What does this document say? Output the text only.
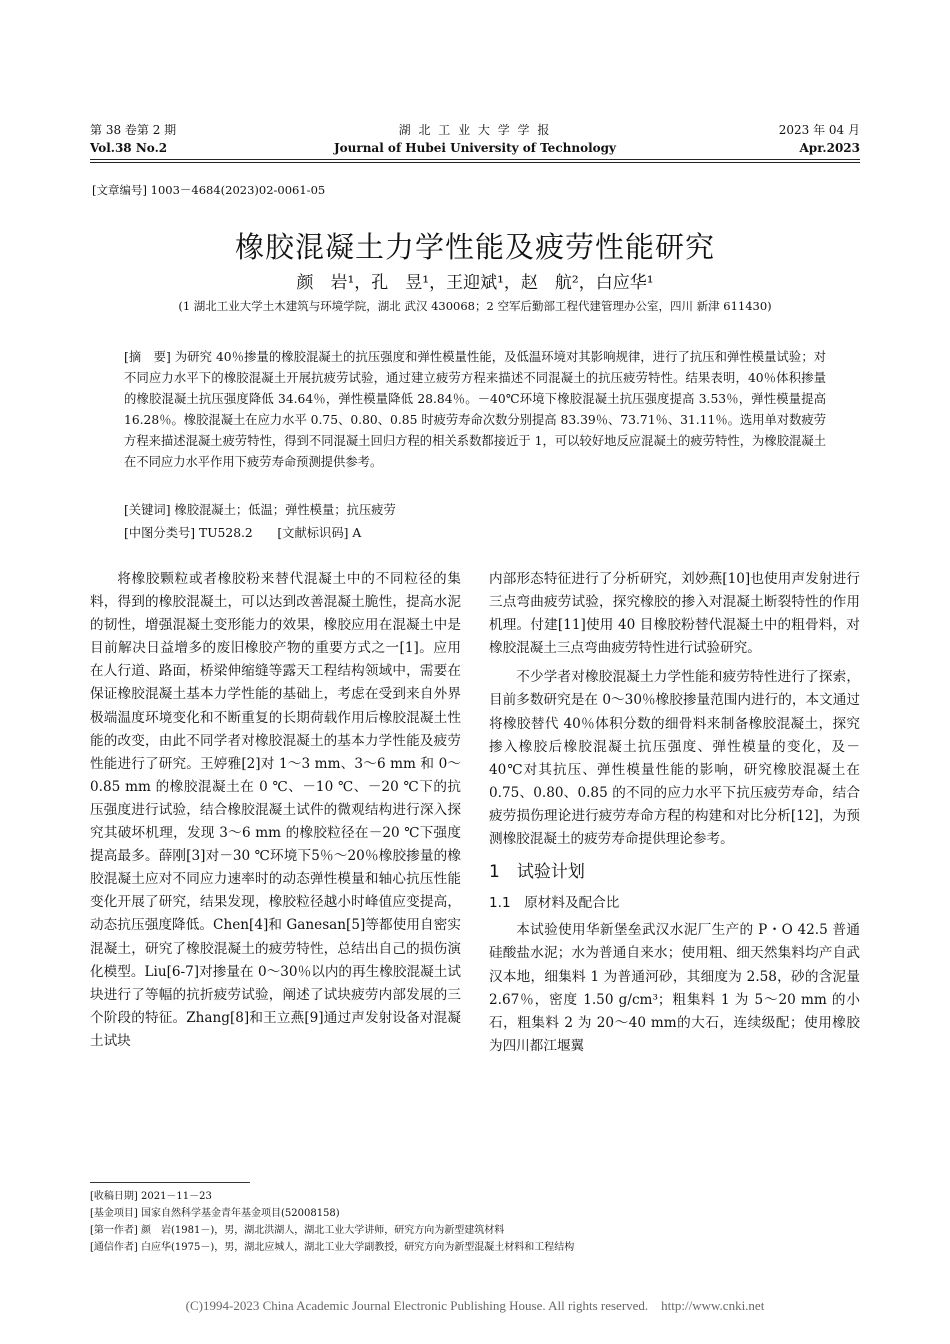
第 38 卷第 2 期
Vol.38 No.2
湖 北 工 业 大 学 学 报
Journal of Hubei University of Technology
2023 年 04 月
Apr.2023
[文章编号] 1003－4684(2023)02-0061-05
橡胶混凝土力学性能及疲劳性能研究
颜　岩¹，孔　昱¹，王迎斌¹，赵　航²，白应华¹
(1 湖北工业大学土木建筑与环境学院，湖北 武汉 430068；2 空军后勤部工程代建管理办公室，四川 新津 611430)
[摘　要] 为研究 40％掺量的橡胶混凝土的抗压强度和弹性模量性能，及低温环境对其影响规律，进行了抗压和弹性模量试验；对不同应力水平下的橡胶混凝土开展抗疲劳试验，通过建立疲劳方程来描述不同混凝土的抗压疲劳特性。结果表明，40％体积掺量的橡胶混凝土抗压强度降低 34.64％，弹性模量降低 28.84％。－40℃环境下橡胶混凝土抗压强度提高 3.53％，弹性模量提高 16.28％。橡胶混凝土在应力水平 0.75、0.80、0.85 时疲劳寿命次数分别提高 83.39％、73.71％、31.11％。选用单对数疲劳方程来描述混凝土疲劳特性，得到不同混凝土回归方程的相关系数都接近于 1，可以较好地反应混凝土的疲劳特性，为橡胶混凝土在不同应力水平作用下疲劳寿命预测提供参考。
[关键词] 橡胶混凝土；低温；弹性模量；抗压疲劳
[中图分类号] TU528.2　　[文献标识码] A

将橡胶颗粒或者橡胶粉来替代混凝土中的不同粒径的集料，得到的橡胶混凝土，可以达到改善混凝土脆性，提高水泥的韧性，增强混凝土变形能力的效果，橡胶应用在混凝土中是目前解决日益增多的废旧橡胶产物的重要方式之一[1]。应用在人行道、路面，桥梁伸缩缝等露天工程结构领域中，需要在保证橡胶混凝土基本力学性能的基础上，考虑在受到来自外界极端温度环境变化和不断重复的长期荷载作用后橡胶混凝土性能的改变，由此不同学者对橡胶混凝土的基本力学性能及疲劳性能进行了研究。王婷雅[2]对 1～3 mm、3～6 mm 和 0～0.85 mm 的橡胶混凝土在 0 ℃、－10 ℃、－20 ℃下的抗压强度进行试验，结合橡胶混凝土试件的微观结构进行深入探究其破坏机理，发现 3～6 mm 的橡胶粒径在－20 ℃下强度提高最多。薛刚[3]对－30 ℃环境下5％～20％橡胶掺量的橡胶混凝土应对不同应力速率时的动态弹性模量和轴心抗压性能变化开展了研究，结果发现，橡胶粒径越小时峰值应变提高，动态抗压强度降低。Chen[4]和 Ganesan[5]等都使用自密实混凝土，研究了橡胶混凝土的疲劳特性，总结出自己的损伤演化模型。Liu[6-7]对掺量在 0～30％以内的再生橡胶混凝土试块进行了等幅的抗折疲劳试验，阐述了试块疲劳内部发展的三个阶段的特征。Zhang[8]和王立燕[9]通过声发射设备对混凝土试块

内部形态特征进行了分析研究，刘妙燕[10]也使用声发射进行三点弯曲疲劳试验，探究橡胶的掺入对混凝土断裂特性的作用机理。付建[11]使用 40 目橡胶粉替代混凝土中的粗骨料，对橡胶混凝土三点弯曲疲劳特性进行试验研究。

不少学者对橡胶混凝土力学性能和疲劳特性进行了探索，目前多数研究是在 0～30％橡胶掺量范围内进行的，本文通过将橡胶替代 40％体积分数的细骨料来制备橡胶混凝土，探究掺入橡胶后橡胶混凝土抗压强度、弹性模量的变化，及－40℃对其抗压、弹性模量性能的影响，研究橡胶混凝土在 0.75、0.80、0.85 的不同的应力水平下抗压疲劳寿命，结合疲劳损伤理论进行疲劳寿命方程的构建和对比分析[12]，为预测橡胶混凝土的疲劳寿命提供理论参考。

1　试验计划
1.1　原材料及配合比

本试验使用华新堡垒武汉水泥厂生产的 P・O 42.5 普通硅酸盐水泥；水为普通自来水；使用粗、细天然集料均产自武汉本地，细集料 1 为普通河砂，其细度为 2.58，砂的含泥量 2.67％，密度 1.50 g/cm³；粗集料 1 为 5～20 mm 的小石，粗集料 2 为 20～40 mm的大石，连续级配；使用橡胶为四川都江堰翼

[收稿日期] 2021－11－23
[基金项目] 国家自然科学基金青年基金项目(52008158)
[第一作者] 颜　岩(1981－)，男，湖北洪湖人，湖北工业大学讲师，研究方向为新型建筑材料
[通信作者] 白应华(1975－)，男，湖北应城人，湖北工业大学副教授，研究方向为新型混凝土材料和工程结构
(C)1994-2023 China Academic Journal Electronic Publishing House. All rights reserved.    http://www.cnki.net
